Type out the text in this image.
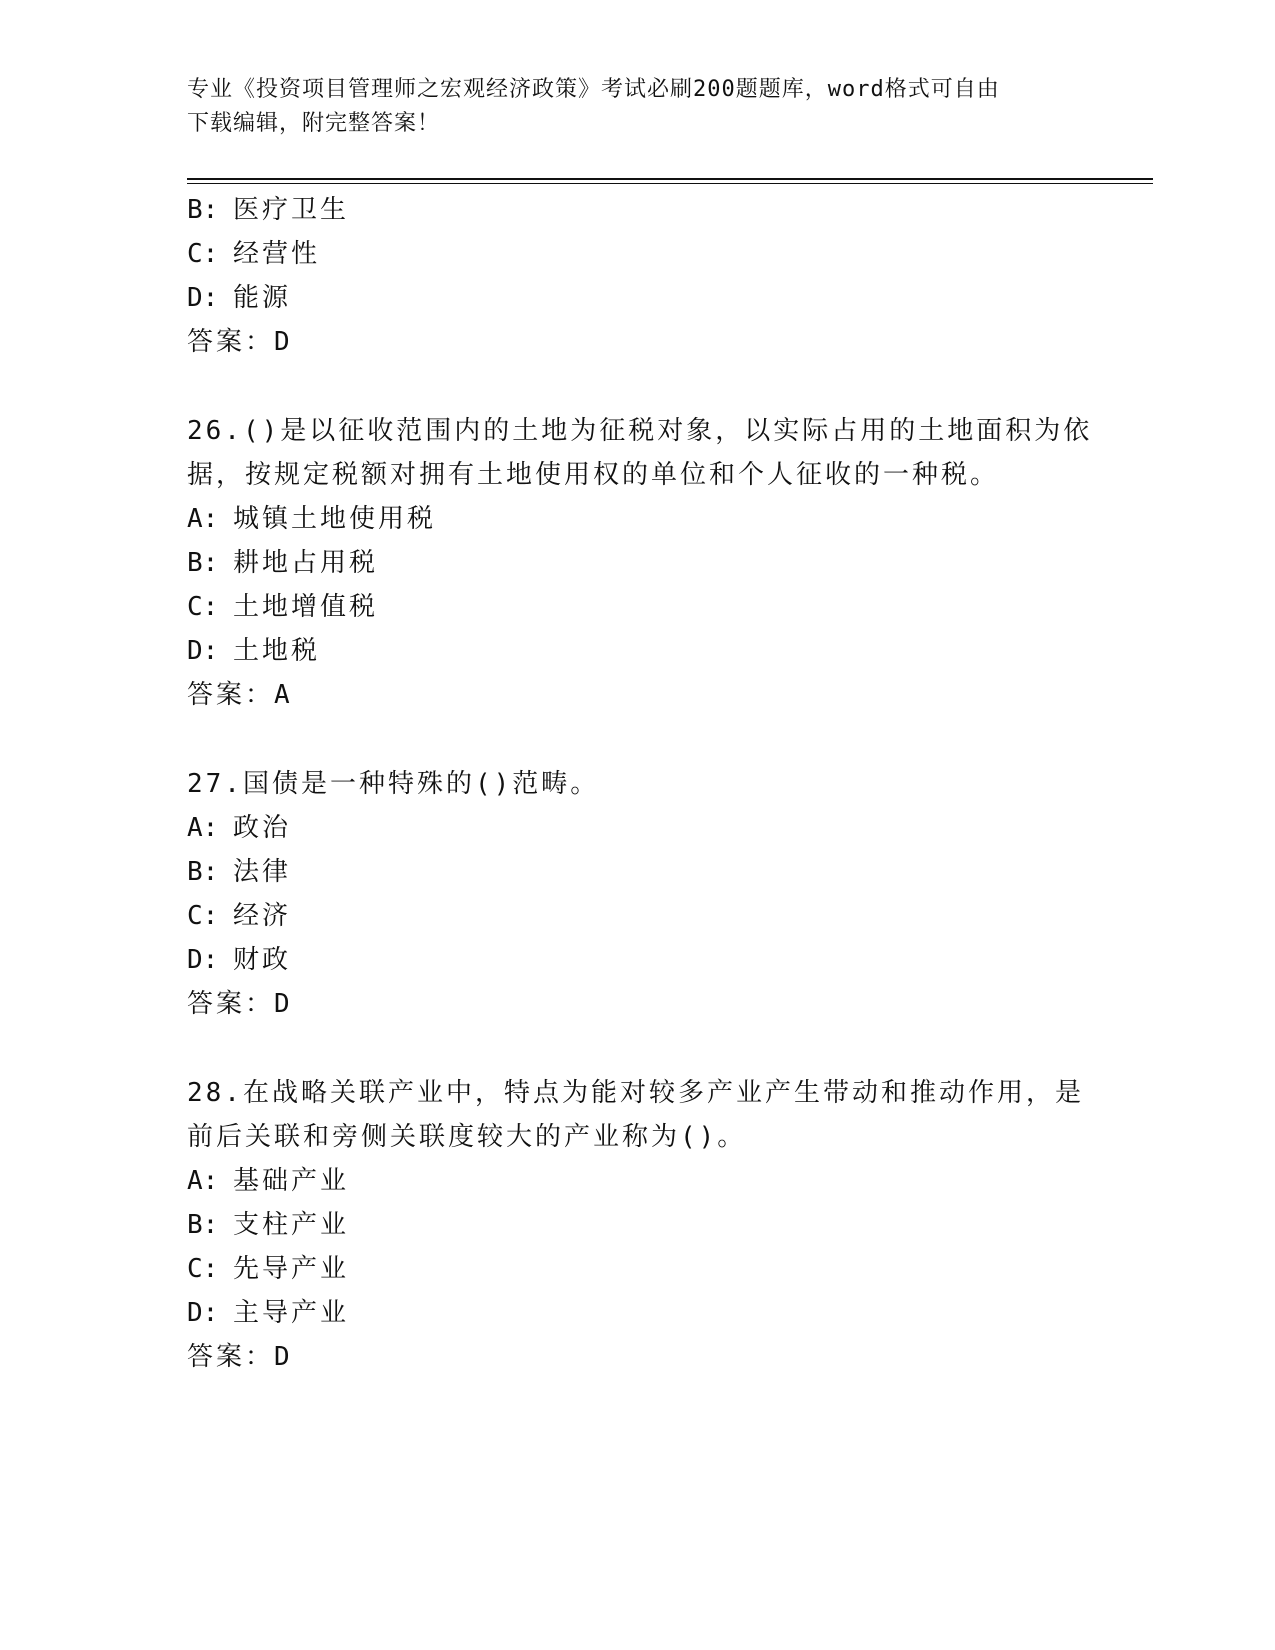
专业《投资项目管理师之宏观经济政策》考试必刷200题题库，word格式可自由
下载编辑，附完整答案！
B: 医疗卫生
C: 经营性
D: 能源
答案：D
26.()是以征收范围内的土地为征税对象，以实际占用的土地面积为依
据，按规定税额对拥有土地使用权的单位和个人征收的一种税。
A: 城镇土地使用税
B: 耕地占用税
C: 土地增值税
D: 土地税
答案：A
27.国债是一种特殊的()范畴。
A: 政治
B: 法律
C: 经济
D: 财政
答案：D
28.在战略关联产业中，特点为能对较多产业产生带动和推动作用，是
前后关联和旁侧关联度较大的产业称为()。
A: 基础产业
B: 支柱产业
C: 先导产业
D: 主导产业
答案：D
